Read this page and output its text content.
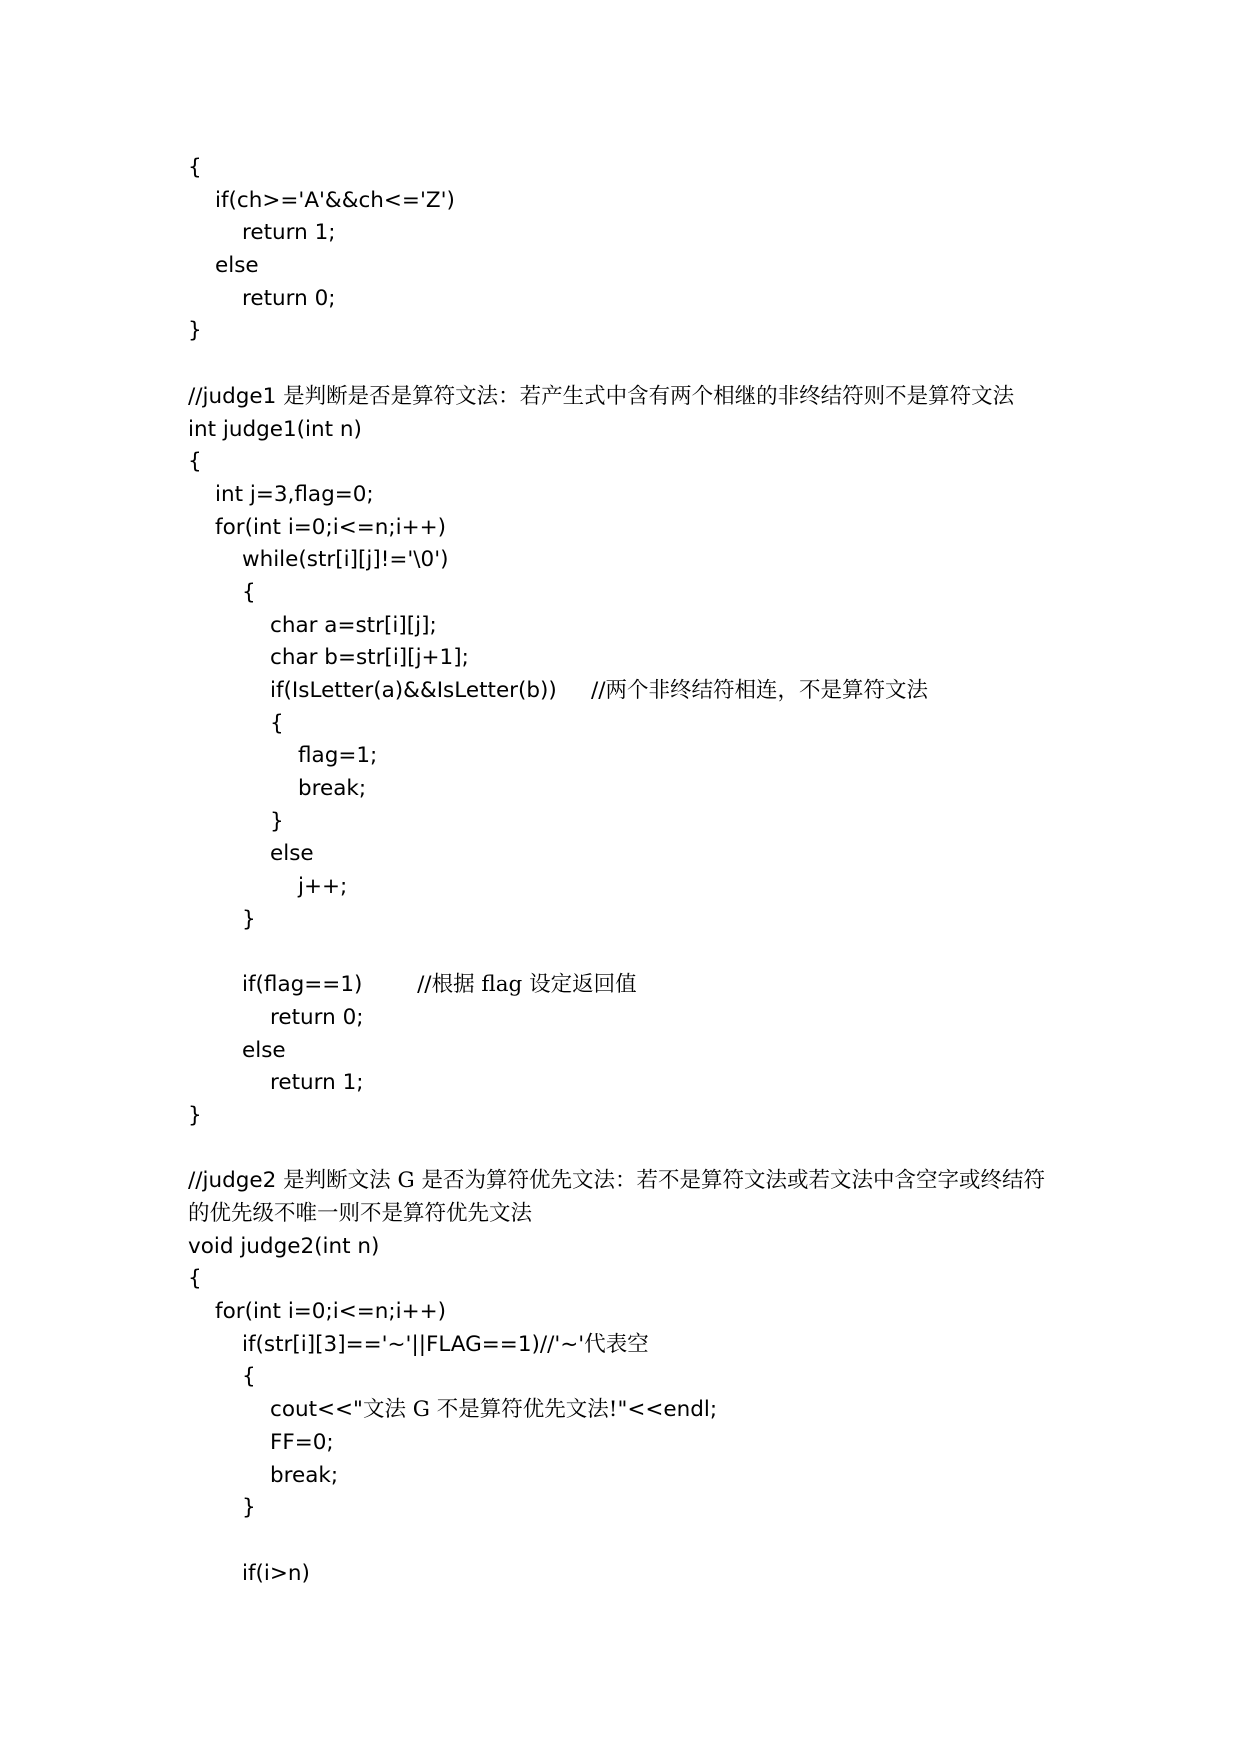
{
if(ch>='A'&&ch<='Z')
return 1;
else
return 0;
}
//judge1 是判断是否是算符文法：若产生式中含有两个相继的非终结符则不是算符文法
int judge1(int n)
{
int j=3,flag=0;
for(int i=0;i<=n;i++)
while(str[i][j]!='\0')
{
char a=str[i][j];
char b=str[i][j+1];
if(IsLetter(a)&&IsLetter(b))     //两个非终结符相连，不是算符文法
{
flag=1;
break;
}
else
j++;
}
if(flag==1)        //根据 flag 设定返回值
return 0;
else
return 1;
}
//judge2 是判断文法 G 是否为算符优先文法：若不是算符文法或若文法中含空字或终结符
的优先级不唯一则不是算符优先文法
void judge2(int n)
{
for(int i=0;i<=n;i++)
if(str[i][3]=='~'||FLAG==1)//'~'代表空
{
cout<<"文法 G 不是算符优先文法!"<<endl;
FF=0;
break;
}
if(i>n)
